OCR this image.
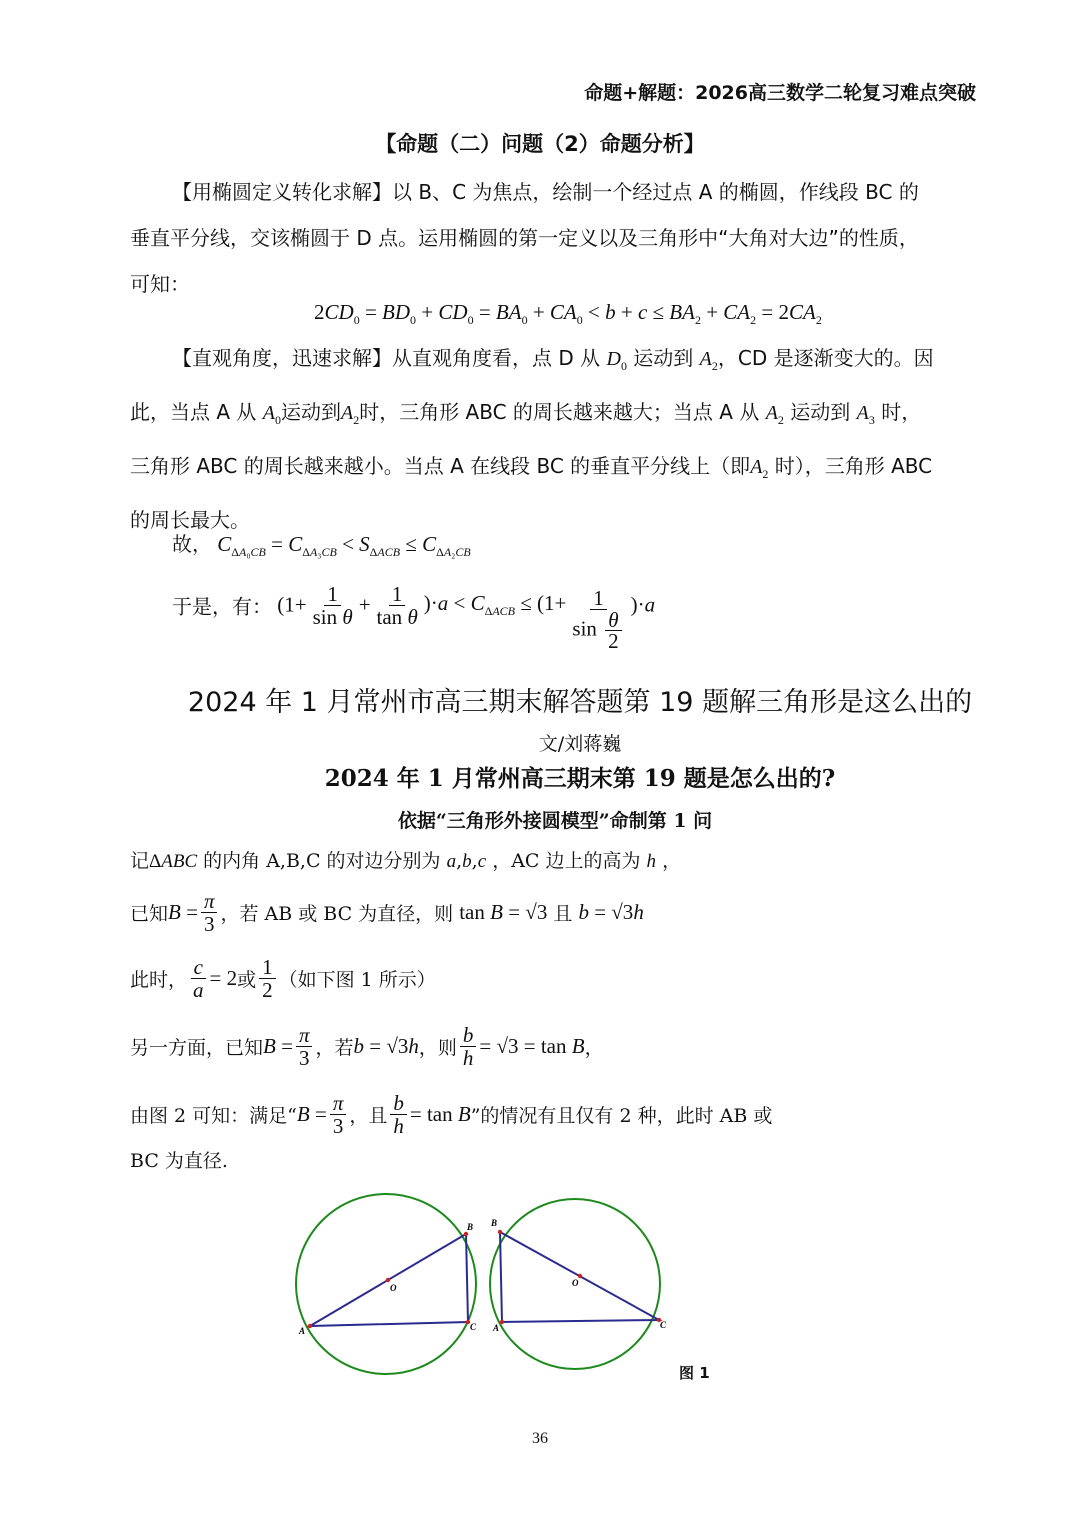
命题+解题：2026高三数学二轮复习难点突破
【命题（二）问题（2）命题分析】
【用椭圆定义转化求解】以 B、C 为焦点，绘制一个经过点 A 的椭圆，作线段 BC 的
垂直平分线，交该椭圆于 D 点。运用椭圆的第一定义以及三角形中“大角对大边”的性质，
可知：
$2CD_0 = BD_0 + CD_0 = BA_0 + CA_0 < b + c \le BA_2 + CA_2 = 2CA_2$
【直观角度，迅速求解】从直观角度看，点 D 从 $D_0$ 运动到 $A_2$，CD 是逐渐变大的。因
此，当点 A 从 $A_0$运动到$A_2$时，三角形 ABC 的周长越来越大；当点 A 从 $A_2$ 运动到 $A_3$ 时，
三角形 ABC 的周长越来越小。当点 A 在线段 BC 的垂直平分线上（即$A_2$ 时），三角形 ABC
的周长最大。
故， $C_{\Delta A_0CB} = C_{\Delta A_3CB} < S_{\Delta ACB} \le C_{\Delta A_2CB}$
于是，有： $(1+ \frac{1}{\text{sin θ}} + \frac{1}{\text{tan θ}} )\cdot a < C_{\Delta ACB} \le (1+ \frac{1}{\sin \frac{\theta}{2}} )\cdot a$
2024 年 1 月常州市高三期末解答题第 19 题解三角形是这么出的
文/刘蒋巍
2024 年 1 月常州高三期末第 19 题是怎么出的?
依据“三角形外接圆模型”命制第 1 问
记ΔABC 的内角 A,B,C 的对边分别为 a,b,c ，AC 边上的高为 h ，
已知$B = \frac{\pi}{3}$ ，若 AB 或 BC 为直径，则 tan B = √3 且 b = √3h
此时， $\frac{c}{a} = 2$或 $\frac{1}{2}$ （如下图 1 所示）
另一方面，已知$B = \frac{\pi}{3}$ ，若b = √3h，则 $\frac{b}{h} = √3 = \tan B$，
由图 2 可知：满足“$B = \frac{\pi}{3}$ ，且 $\frac{b}{h} = \tan B$”的情况有且仅有 2 种，此时 AB 或
BC 为直径.
A
B
C
O
A
B
C
O
图 1
36
